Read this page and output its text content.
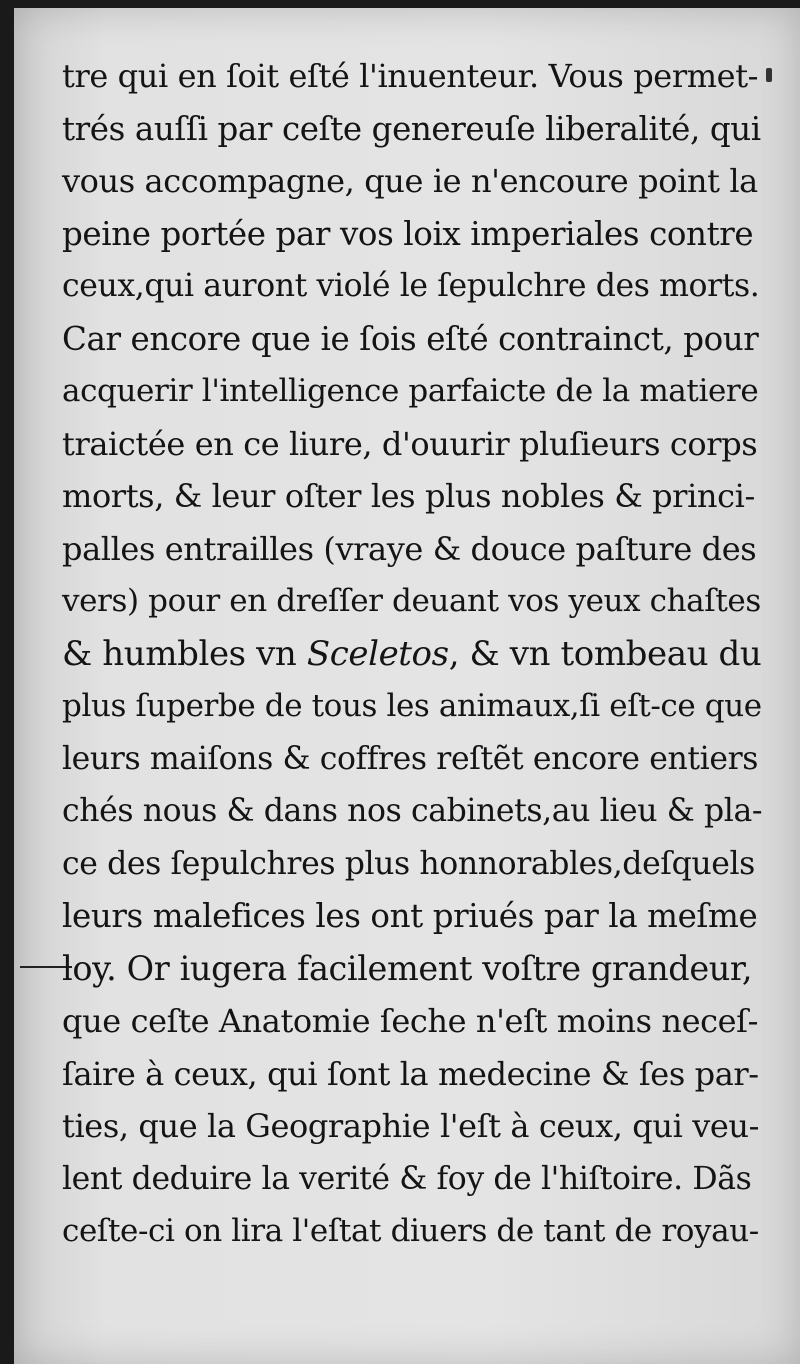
tre qui en ſoit eſté l'inuenteur. Vous permet-
trés auſſi par ceſte genereuſe liberalité, qui
vous accompagne, que ie n'encoure point la
peine portée par vos loix imperiales contre
ceux,qui auront violé le ſepulchre des morts.
Car encore que ie ſois eſté contrainct, pour
acquerir l'intelligence parfaicte de la matiere
traictée en ce liure, d'ouurir pluſieurs corps
morts, & leur oſter les plus nobles & princi-
palles entrailles (vraye & douce paſture des
vers) pour en dreſſer deuant vos yeux chaſtes
& humbles vn Sceletos, & vn tombeau du
plus ſuperbe de tous les animaux,ſi eſt-ce que
leurs maiſons & coffres reſtẽt encore entiers
chés nous & dans nos cabinets,au lieu & pla-
ce des ſepulchres plus honnorables,deſquels
leurs malefices les ont priués par la meſme
loy. Or iugera facilement voſtre grandeur,
que ceſte Anatomie ſeche n'eſt moins neceſ-
ſaire à ceux, qui ſont la medecine & ſes par-
ties, que la Geographie l'eſt à ceux, qui veu-
lent deduire la verité & foy de l'hiſtoire. Dãs
ceſte-ci on lira l'eſtat diuers de tant de royau-
